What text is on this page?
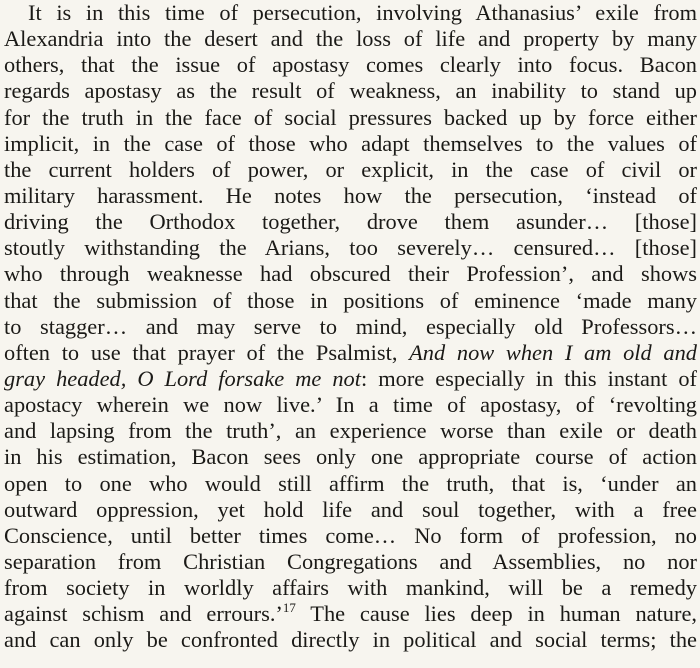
It is in this time of persecution, involving Athanasius’ exile from
Alexandria into the desert and the loss of life and property by many
others, that the issue of apostasy comes clearly into focus. Bacon
regards apostasy as the result of weakness, an inability to stand up
for the truth in the face of social pressures backed up by force either
implicit, in the case of those who adapt themselves to the values of
the current holders of power, or explicit, in the case of civil or
military harassment. He notes how the persecution, ‘instead of
driving the Orthodox together, drove them asunder… [those]
stoutly withstanding the Arians, too severely… censured… [those]
who through weaknesse had obscured their Profession’, and shows
that the submission of those in positions of eminence ‘made many
to stagger… and may serve to mind, especially old Professors…
often to use that prayer of the Psalmist, And now when I am old and
gray headed, O Lord forsake me not: more especially in this instant of
apostacy wherein we now live.’ In a time of apostasy, of ‘revolting
and lapsing from the truth’, an experience worse than exile or death
in his estimation, Bacon sees only one appropriate course of action
open to one who would still affirm the truth, that is, ‘under an
outward oppression, yet hold life and soul together, with a free
Conscience, until better times come… No form of profession, no
separation from Christian Congregations and Assemblies, no nor
from society in worldly affairs with mankind, will be a remedy
against schism and errours.’$^{17}$ The cause lies deep in human nature,
and can only be confronted directly in political and social terms; the
